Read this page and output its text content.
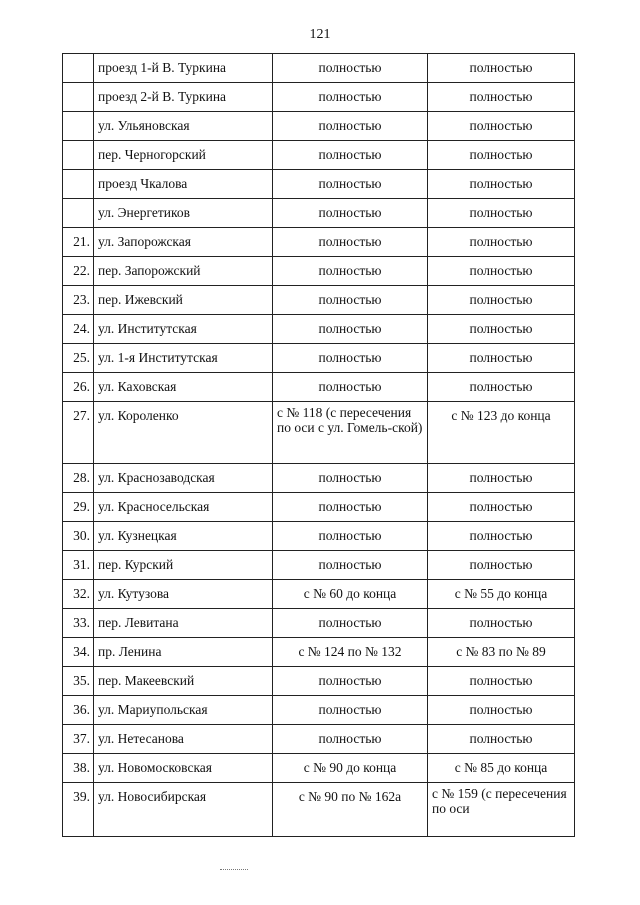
121
	проезд 1-й В. Туркина	полностью	полностью
	проезд 2-й В. Туркина	полностью	полностью
	ул. Ульяновская	полностью	полностью
	пер. Черногорский	полностью	полностью
	проезд Чкалова	полностью	полностью
	ул. Энергетиков	полностью	полностью
21.	ул. Запорожская	полностью	полностью
22.	пер. Запорожский	полностью	полностью
23.	пер. Ижевский	полностью	полностью
24.	ул. Институтская	полностью	полностью
25.	ул. 1-я Институтская	полностью	полностью
26.	ул. Каховская	полностью	полностью
27.	ул. Короленко	с № 118 (с пересечения по оси с ул. Гомель-ской)	с № 123 до конца
28.	ул. Краснозаводская	полностью	полностью
29.	ул. Красносельская	полностью	полностью
30.	ул. Кузнецкая	полностью	полностью
31.	пер. Курский	полностью	полностью
32.	ул. Кутузова	с № 60 до конца	с № 55 до конца
33.	пер. Левитана	полностью	полностью
34.	пр. Ленина	с № 124 по № 132	с № 83 по № 89
35.	пер. Макеевский	полностью	полностью
36.	ул. Мариупольская	полностью	полностью
37.	ул. Нетесанова	полностью	полностью
38.	ул. Новомосковская	с № 90 до конца	с № 85 до конца
39.	ул. Новосибирская	с № 90 по № 162а	с № 159 (с пересечения по оси
